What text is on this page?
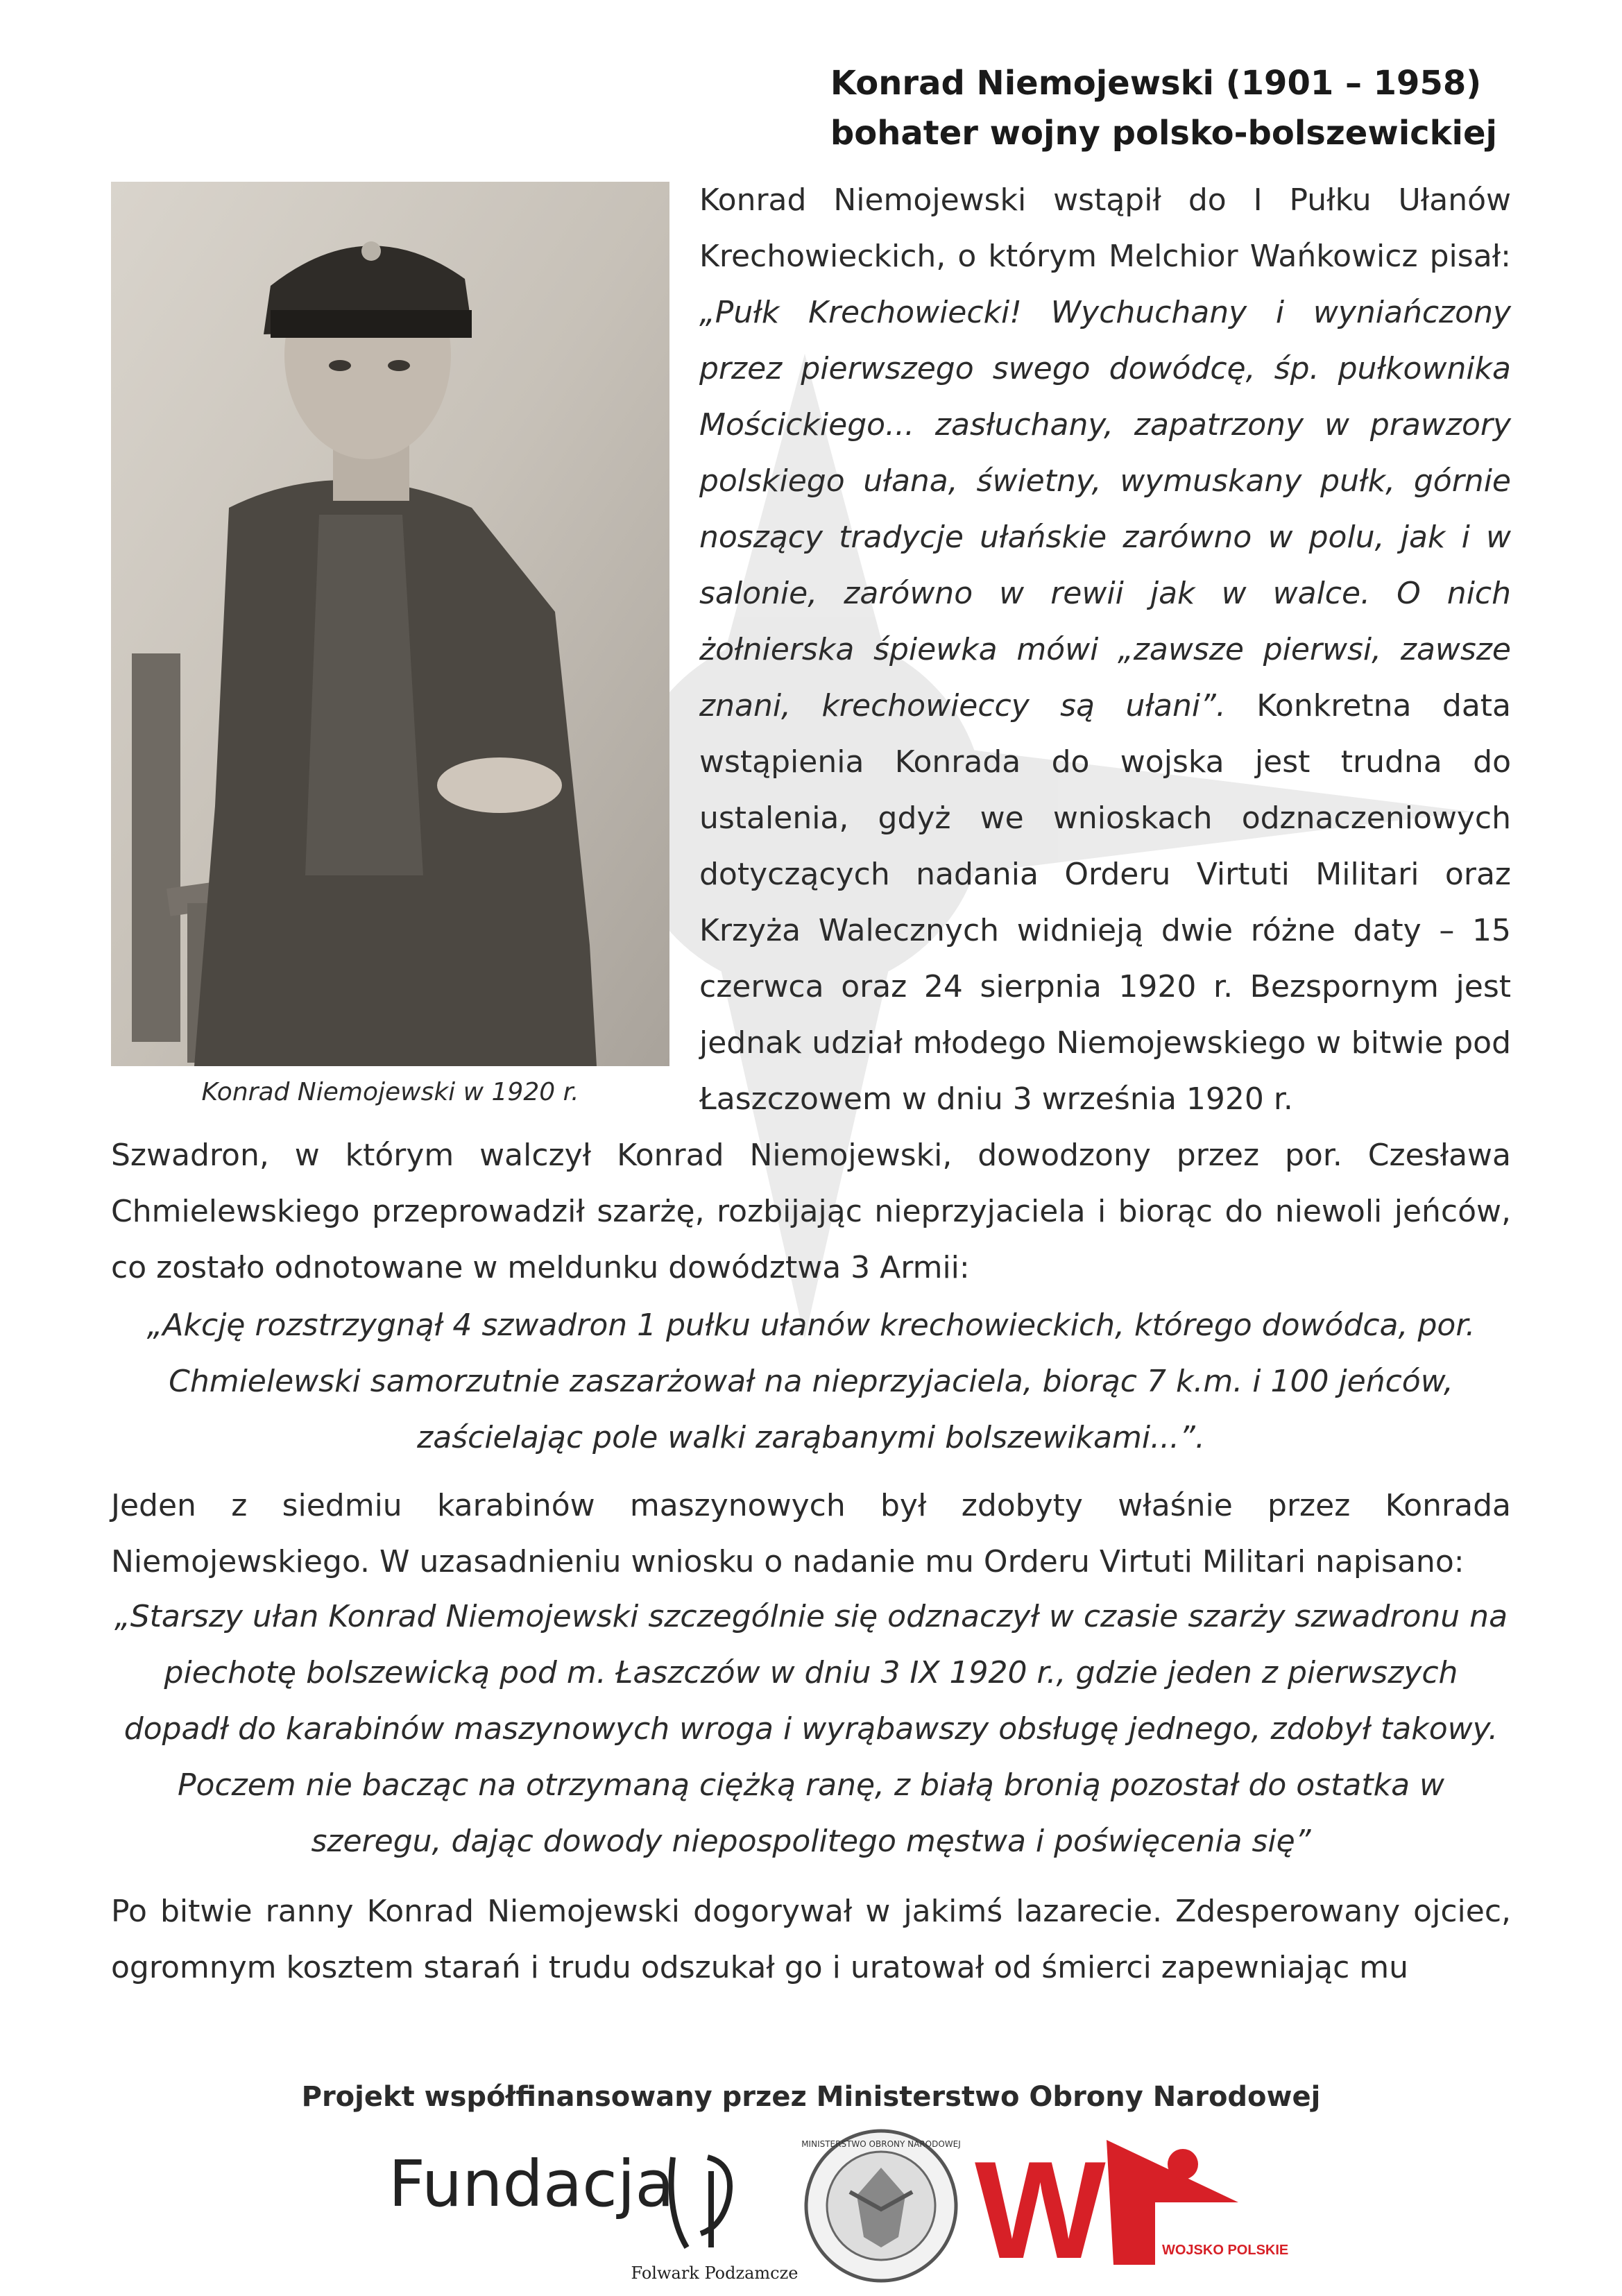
Konrad Niemojewski (1901 – 1958)
bohater wojny polsko-bolszewickiej
Konrad Niemojewski w 1920 r.
Konrad Niemojewski wstąpił do I Pułku Ułanów Krechowieckich, o którym Melchior Wańkowicz pisał: „Pułk Krechowiecki! Wychuchany i wyniańczony przez pierwszego swego dowódcę, śp. pułkownika Mościckiego... zasłuchany, zapatrzony w prawzory polskiego ułana, świetny, wymuskany pułk, górnie noszący tradycje ułańskie zarówno w polu, jak i w salonie, zarówno w rewii jak w walce. O nich żołnierska śpiewka mówi „zawsze pierwsi, zawsze znani, krechowieccy są ułani”. Konkretna data wstąpienia Konrada do wojska jest trudna do ustalenia, gdyż we wnioskach odznaczeniowych dotyczących nadania Orderu Virtuti Militari oraz Krzyża Walecznych widnieją dwie różne daty – 15 czerwca oraz 24 sierpnia 1920 r. Bezspornym jest jednak udział młodego Niemojewskiego w bitwie pod Łaszczowem w dniu 3 września 1920 r.
Szwadron, w którym walczył Konrad Niemojewski, dowodzony przez por. Czesława Chmielewskiego przeprowadził szarżę, rozbijając nieprzyjaciela i biorąc do niewoli jeńców, co zostało odnotowane w meldunku dowództwa 3 Armii:
„Akcję rozstrzygnął 4 szwadron 1 pułku ułanów krechowieckich, którego dowódca, por. Chmielewski samorzutnie zaszarżował na nieprzyjaciela, biorąc 7 k.m. i 100 jeńców, zaścielając pole walki zarąbanymi bolszewikami...”.
Jeden z siedmiu karabinów maszynowych był zdobyty właśnie przez Konrada Niemojewskiego. W uzasadnieniu wniosku o nadanie mu Orderu Virtuti Militari napisano:
„Starszy ułan Konrad Niemojewski szczególnie się odznaczył w czasie szarży szwadronu na piechotę bolszewicką pod m. Łaszczów w dniu 3 IX 1920 r., gdzie jeden z pierwszych dopadł do karabinów maszynowych wroga i wyrąbawszy obsługę jednego, zdobył takowy. Poczem nie bacząc na otrzymaną ciężką ranę, z białą bronią pozostał do ostatka w szeregu, dając dowody niepospolitego męstwa i poświęcenia się”
Po bitwie ranny Konrad Niemojewski dogorywał w jakimś lazarecie. Zdesperowany ojciec, ogromnym kosztem starań i trudu odszukał go i uratował od śmierci zapewniając mu
Projekt współfinansowany przez Ministerstwo Obrony Narodowej
Fundacja
Folwark Podzamcze
MINISTERSTWO OBRONY NARODOWEJ W	WOJSKO POLSKIE
